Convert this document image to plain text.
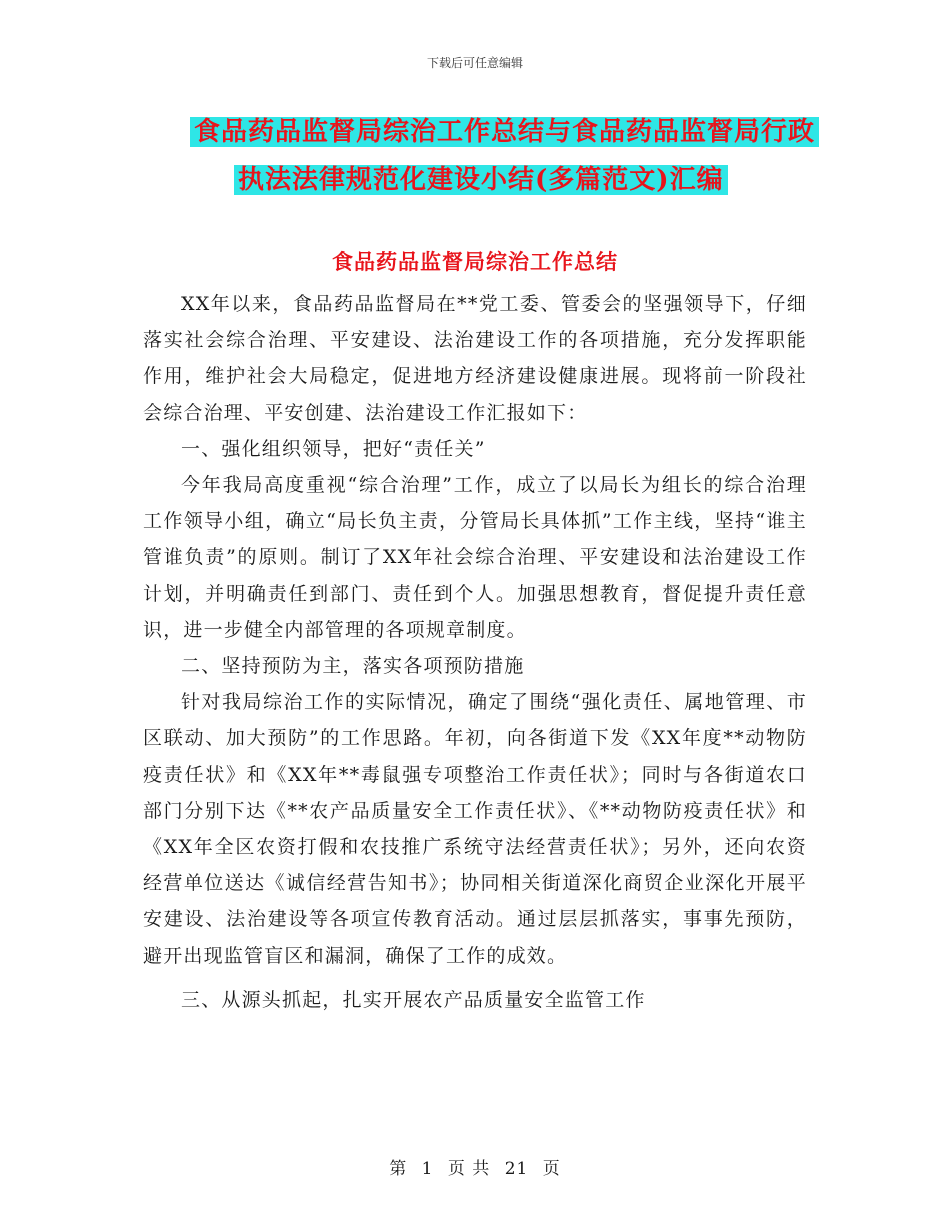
下载后可任意编辑
食品药品监督局综治工作总结与食品药品监督局行政
执法法律规范化建设小结(多篇范文)汇编
食品药品监督局综治工作总结

XX年以来，食品药品监督局在**党工委、管委会的坚强领导下，仔细落实社会综合治理、平安建设、法治建设工作的各项措施，充分发挥职能作用，维护社会大局稳定，促进地方经济建设健康进展。现将前一阶段社会综合治理、平安创建、法治建设工作汇报如下：

一、强化组织领导，把好“责任关”

今年我局高度重视“综合治理”工作，成立了以局长为组长的综合治理工作领导小组，确立“局长负主责，分管局长具体抓”工作主线，坚持“谁主管谁负责”的原则。制订了XX年社会综合治理、平安建设和法治建设工作计划，并明确责任到部门、责任到个人。加强思想教育，督促提升责任意识，进一步健全内部管理的各项规章制度。

二、坚持预防为主，落实各项预防措施

针对我局综治工作的实际情况，确定了围绕“强化责任、属地管理、市区联动、加大预防”的工作思路。年初，向各街道下发《XX年度**动物防疫责任状》和《XX年**毒鼠强专项整治工作责任状》；同时与各街道农口部门分别下达《**农产品质量安全工作责任状》、《**动物防疫责任状》和《XX年全区农资打假和农技推广系统守法经营责任状》；另外，还向农资经营单位送达《诚信经营告知书》；协同相关街道深化商贸企业深化开展平安建设、法治建设等各项宣传教育活动。通过层层抓落实，事事先预防，避开出现监管盲区和漏洞，确保了工作的成效。

三、从源头抓起，扎实开展农产品质量安全监管工作

第 1 页 共 21 页
